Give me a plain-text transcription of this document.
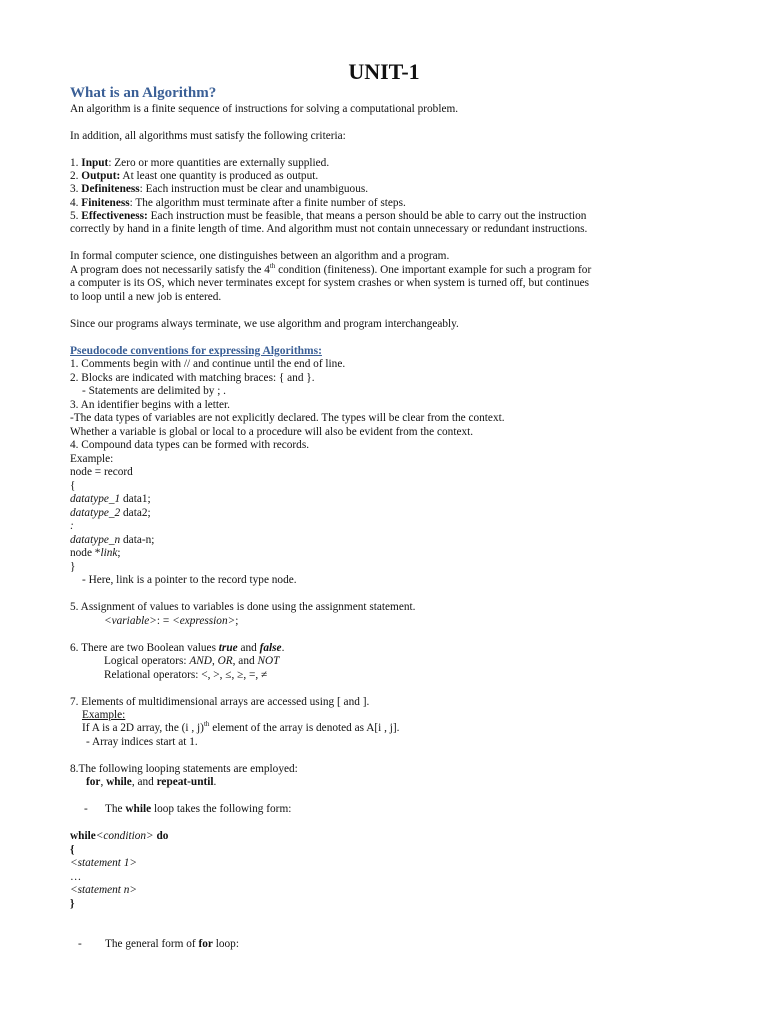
UNIT-1
What is an Algorithm?
An algorithm is a finite sequence of instructions for solving a computational problem.
In addition, all algorithms must satisfy the following criteria:
1. Input: Zero or more quantities are externally supplied.
2. Output: At least one quantity is produced as output.
3. Definiteness: Each instruction must be clear and unambiguous.
4. Finiteness: The algorithm must terminate after a finite number of steps.
5. Effectiveness: Each instruction must be feasible, that means a person should be able to carry out the instruction
correctly by hand in a finite length of time. And algorithm must not contain unnecessary or redundant instructions.
In formal computer science, one distinguishes between an algorithm and a program.
A program does not necessarily satisfy the 4th condition (finiteness). One important example for such a program for
a computer is its OS, which never terminates except for system crashes or when system is turned off, but continues
to loop until a new job is entered.
Since our programs always terminate, we use algorithm and program interchangeably.
Pseudocode conventions for expressing Algorithms:
1. Comments begin with // and continue until the end of line.
2. Blocks are indicated with matching braces: { and }.
- Statements are delimited by ; .
3. An identifier begins with a letter.
-The data types of variables are not explicitly declared. The types will be clear from the context.
Whether a variable is global or local to a procedure will also be evident from the context.
4. Compound data types can be formed with records.
Example:
node = record
{
datatype_1 data1;
datatype_2 data2;
:
datatype_n data-n;
node *link;
}
- Here, link is a pointer to the record type node.
5. Assignment of values to variables is done using the assignment statement.
<variable>: = <expression>;
6. There are two Boolean values true and false.
Logical operators: AND, OR, and NOT
Relational operators: <, >, ≤, ≥, =, ≠
7. Elements of multidimensional arrays are accessed using [ and ].
Example:
If A is a 2D array, the (i , j)$^{th}$ element of the array is denoted as A[i , j].
- Array indices start at 1.
8.The following looping statements are employed:
for, while, and repeat-until.
- The while loop takes the following form:
while<condition> do
{
<statement 1>
…
<statement n>
}
- The general form of for loop:
